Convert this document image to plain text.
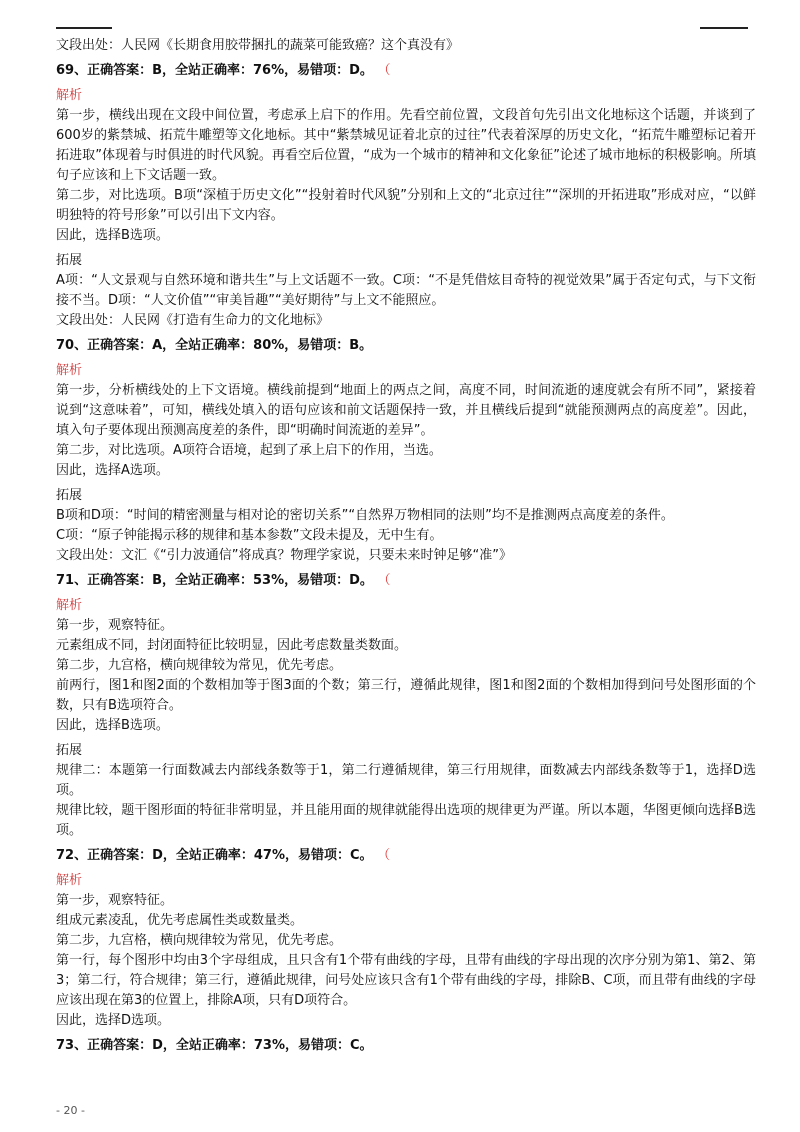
文段出处：人民网《长期食用胶带捆扎的蔬菜可能致癌？这个真没有》

69、正确答案：B，全站正确率：76%，易错项：D。 （

解析

第一步，横线出现在文段中间位置，考虑承上启下的作用。先看空前位置，文段首句先引出文化地标这个话题，并谈到了600岁的紫禁城、拓荒牛雕塑等文化地标。其中“紫禁城见证着北京的过往”代表着深厚的历史文化，“拓荒牛雕塑标记着开拓进取”体现着与时俱进的时代风貌。再看空后位置，“成为一个城市的精神和文化象征”论述了城市地标的积极影响。所填句子应该和上下文话题一致。

第二步，对比选项。B项“深植于历史文化”“投射着时代风貌”分别和上文的“北京过往”“深圳的开拓进取”形成对应，“以鲜明独特的符号形象”可以引出下文内容。

因此，选择B选项。

拓展

A项：“人文景观与自然环境和谐共生”与上文话题不一致。C项：“不是凭借炫目奇特的视觉效果”属于否定句式，与下文衔接不当。D项：“人文价值”“审美旨趣”“美好期待”与上文不能照应。

文段出处：人民网《打造有生命力的文化地标》

70、正确答案：A，全站正确率：80%，易错项：B。

解析

第一步，分析横线处的上下文语境。横线前提到“地面上的两点之间，高度不同，时间流逝的速度就会有所不同”，紧接着说到“这意味着”，可知，横线处填入的语句应该和前文话题保持一致，并且横线后提到“就能预测两点的高度差”。因此，填入句子要体现出预测高度差的条件，即“明确时间流逝的差异”。

第二步，对比选项。A项符合语境，起到了承上启下的作用，当选。

因此，选择A选项。

拓展

B项和D项：“时间的精密测量与相对论的密切关系”“自然界万物相同的法则”均不是推测两点高度差的条件。

C项：“原子钟能揭示移的规律和基本参数”文段未提及，无中生有。

文段出处：文汇《“引力波通信”将成真？物理学家说，只要未来时钟足够“准”》

71、正确答案：B，全站正确率：53%，易错项：D。 （

解析

第一步，观察特征。

元素组成不同，封闭面特征比较明显，因此考虑数量类数面。

第二步，九宫格，横向规律较为常见，优先考虑。

前两行，图1和图2面的个数相加等于图3面的个数；第三行，遵循此规律，图1和图2面的个数相加得到问号处图形面的个数，只有B选项符合。

因此，选择B选项。

拓展

规律二：本题第一行面数减去内部线条数等于1，第二行遵循规律，第三行用规律，面数减去内部线条数等于1，选择D选项。

规律比较，题干图形面的特征非常明显，并且能用面的规律就能得出选项的规律更为严谨。所以本题，华图更倾向选择B选项。

72、正确答案：D，全站正确率：47%，易错项：C。 （

解析

第一步，观察特征。

组成元素凌乱，优先考虑属性类或数量类。

第二步，九宫格，横向规律较为常见，优先考虑。

第一行，每个图形中均由3个字母组成，且只含有1个带有曲线的字母，且带有曲线的字母出现的次序分别为第1、第2、第3；第二行，符合规律；第三行，遵循此规律，问号处应该只含有1个带有曲线的字母，排除B、C项，而且带有曲线的字母应该出现在第3的位置上，排除A项，只有D项符合。

因此，选择D选项。

73、正确答案：D，全站正确率：73%，易错项：C。

- 20 -
